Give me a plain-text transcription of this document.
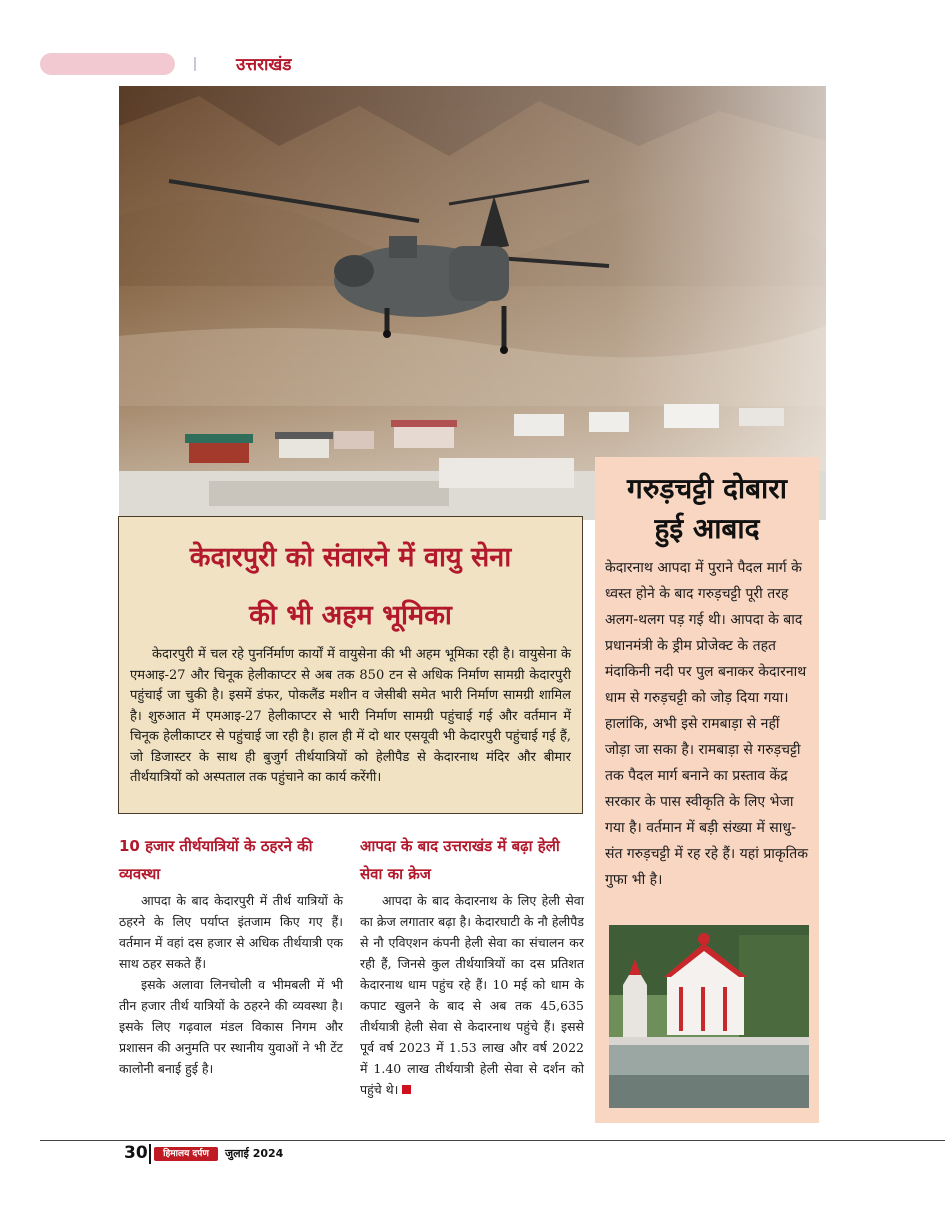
उत्तराखंड
केदारपुरी को संवारने में वायु सेना
की भी अहम भूमिका

केदारपुरी में चल रहे पुनर्निर्माण कार्यों में वायुसेना की भी अहम भूमिका रही है। वायुसेना के एमआइ-27 और चिनूक हेलीकाप्टर से अब तक 850 टन से अधिक निर्माण सामग्री केदारपुरी पहुंचाई जा चुकी है। इसमें डंफर, पोकलैंड मशीन व जेसीबी समेत भारी निर्माण सामग्री शामिल है। शुरुआत में एमआइ-27 हेलीकाप्टर से भारी निर्माण सामग्री पहुंचाई गई और वर्तमान में चिनूक हेलीकाप्टर से पहुंचाई जा रही है। हाल ही में दो थार एसयूवी भी केदारपुरी पहुंचाई गई हैं, जो डिजास्टर के साथ ही बुजुर्ग तीर्थयात्रियों को हेलीपैड से केदारनाथ मंदिर और बीमार तीर्थयात्रियों को अस्पताल तक पहुंचाने का कार्य करेंगी।

10 हजार तीर्थयात्रियों के ठहरने की व्यवस्था

आपदा के बाद केदारपुरी में तीर्थ यात्रियों के ठहरने के लिए पर्याप्त इंतजाम किए गए हैं। वर्तमान में वहां दस हजार से अधिक तीर्थयात्री एक साथ ठहर सकते हैं।

इसके अलावा लिनचोली व भीमबली में भी तीन हजार तीर्थ यात्रियों के ठहरने की व्यवस्था है। इसके लिए गढ़वाल मंडल विकास निगम और प्रशासन की अनुमति पर स्थानीय युवाओं ने भी टेंट कालोनी बनाई हुई है।

आपदा के बाद उत्तराखंड में बढ़ा हेली सेवा का क्रेज

आपदा के बाद केदारनाथ के लिए हेली सेवा का क्रेज लगातार बढ़ा है। केदारघाटी के नौ हेलीपैड से नौ एविएशन कंपनी हेली सेवा का संचालन कर रही हैं, जिनसे कुल तीर्थयात्रियों का दस प्रतिशत केदारनाथ धाम पहुंच रहे हैं। 10 मई को धाम के कपाट खुलने के बाद से अब तक 45,635 तीर्थयात्री हेली सेवा से केदारनाथ पहुंचे हैं। इससे पूर्व वर्ष 2023 में 1.53 लाख और वर्ष 2022 में 1.40 लाख तीर्थयात्री हेली सेवा से दर्शन को पहुंचे थे।

गरुड़चट्टी दोबारा
हुई आबाद

केदारनाथ आपदा में पुराने पैदल मार्ग के ध्वस्त होने के बाद गरुड़चट्टी पूरी तरह अलग-थलग पड़ गई थी। आपदा के बाद प्रधानमंत्री के ड्रीम प्रोजेक्ट के तहत मंदाकिनी नदी पर पुल बनाकर केदारनाथ धाम से गरुड़चट्टी को जोड़ दिया गया। हालांकि, अभी इसे रामबाड़ा से नहीं जोड़ा जा सका है। रामबाड़ा से गरुड़चट्टी तक पैदल मार्ग बनाने का प्रस्ताव केंद्र सरकार के पास स्वीकृति के लिए भेजा गया है। वर्तमान में बड़ी संख्या में साधु-संत गरुड़चट्टी में रह रहे हैं। यहां प्राकृतिक गुफा भी है।

30	हिमालय दर्पण	जुलाई 2024
